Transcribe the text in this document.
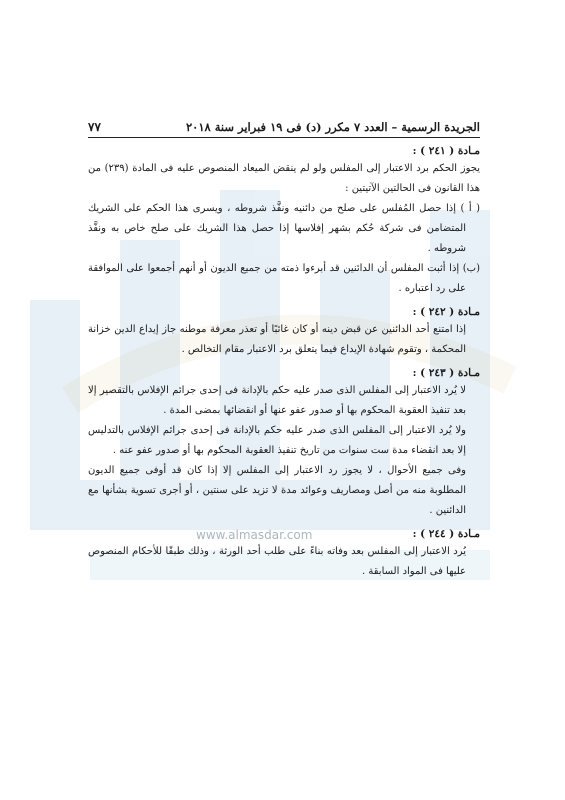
الجريدة الرسمية – العدد ٧ مكرر (د) فى ١٩ فبراير سنة ٢٠١٨
٧٧
مـادة ( ٢٤١ ) :

يجوز الحكم برد الاعتبار إلى المفلس ولو لم ينقض الميعاد المنصوص عليه فى المادة (٢٣٩) من هذا القانون فى الحالتين الآتيتين :

( أ ) إذا حصل المُفلس على صلح من دائنيه ونفَّذ شروطه ، ويسرى هذا الحكم على الشريك المتضامن فى شركة حُكم بشهر إفلاسها إذا حصل هذا الشريك على صلح خاص به ونفَّذ شروطه .

(ب) إذا أثبت المفلس أن الدائنين قد أبرءوا ذمته من جميع الديون أو أنهم أجمعوا على الموافقة على رد اعتباره .

مـادة ( ٢٤٢ ) :

إذا امتنع أحد الدائنين عن قبض دينه أو كان غائبًا أو تعذر معرفة موطنه جاز إيداع الدين خزانة المحكمة ، وتقوم شهادة الإيداع فيما يتعلق برد الاعتبار مقام التخالص .

مـادة ( ٢٤٣ ) :

لا يُرد الاعتبار إلى المفلس الذى صدر عليه حكم بالإدانة فى إحدى جرائم الإفلاس بالتقصير إلا بعد تنفيذ العقوبة المحكوم بها أو صدور عفو عنها أو انقضائها بمضى المدة .

ولا يُرد الاعتبار إلى المفلس الذى صدر عليه حكم بالإدانة فى إحدى جرائم الإفلاس بالتدليس إلا بعد انقضاء مدة ست سنوات من تاريخ تنفيذ العقوبة المحكوم بها أو صدور عفو عنه .

وفى جميع الأحوال ، لا يجوز رد الاعتبار إلى المفلس إلا إذا كان قد أوفى جميع الديون المطلوبة منه من أصل ومصاريف وعوائد مدة لا تزيد على سنتين ، أو أجرى تسوية بشأنها مع الدائنين .

مـادة ( ٢٤٤ ) :

يُرد الاعتبار إلى المفلس بعد وفاته بناءً على طلب أحد الورثة ، وذلك طبقًا للأحكام المنصوص عليها فى المواد السابقة .

www.almasdar.com
